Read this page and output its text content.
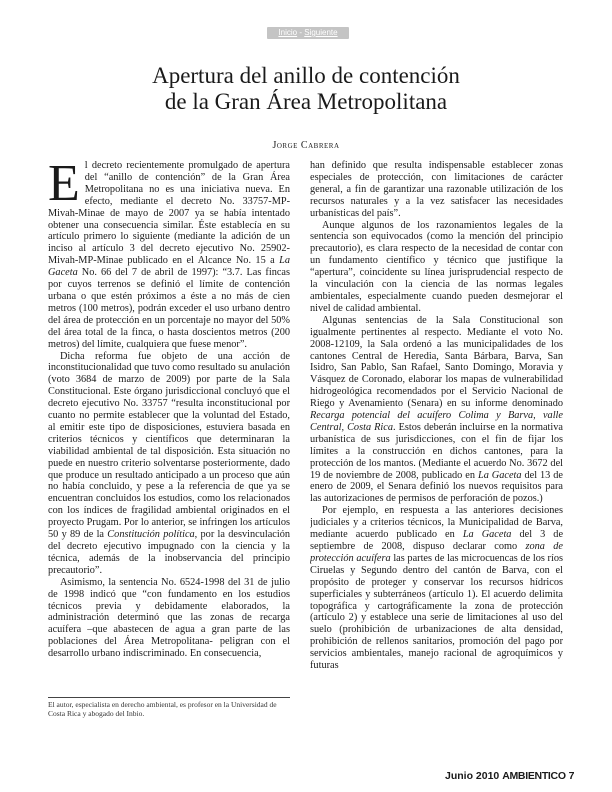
Inicio - Siguiente
Apertura del anillo de contención
de la Gran Área Metropolitana
Jorge Cabrera

El decreto recientemente promulgado de apertura del “anillo de contención” de la Gran Área Metropolitana no es una iniciativa nueva. En efecto, mediante el decreto No. 33757-MP-Mivah-Minae de mayo de 2007 ya se había intentado obtener una consecuencia similar. Éste establecía en su artículo primero lo siguiente (mediante la adición de un inciso al artículo 3 del decreto ejecutivo No. 25902-Mivah-MP-Minae publicado en el Alcance No. 15 a La Gaceta No. 66 del 7 de abril de 1997): “3.7. Las fincas por cuyos terrenos se definió el límite de contención urbana o que estén próximos a éste a no más de cien metros (100 metros), podrán exceder el uso urbano dentro del área de protección en un porcentaje no mayor del 50% del área total de la finca, o hasta doscientos metros (200 metros) del límite, cualquiera que fuese menor”.

Dicha reforma fue objeto de una acción de inconstitucionalidad que tuvo como resultado su anulación (voto 3684 de marzo de 2009) por parte de la Sala Constitucional. Este órgano jurisdiccional concluyó que el decreto ejecutivo No. 33757 “resulta inconstitucional por cuanto no permite establecer que la voluntad del Estado, al emitir este tipo de disposiciones, estuviera basada en criterios técnicos y científicos que determinaran la viabilidad ambiental de tal disposición. Esta situación no puede en nuestro criterio solventarse posteriormente, dado que produce un resultado anticipado a un proceso que aún no había concluido, y pese a la referencia de que ya se encuentran concluidos los estudios, como los relacionados con los índices de fragilidad ambiental originados en el proyecto Prugam. Por lo anterior, se infringen los artículos 50 y 89 de la Constitución política, por la desvinculación del decreto ejecutivo impugnado con la ciencia y la técnica, además de la inobservancia del principio precautorio”.

Asimismo, la sentencia No. 6524-1998 del 31 de julio de 1998 indicó que “con fundamento en los estudios técnicos previa y debidamente elaborados, la administración determinó que las zonas de recarga acuífera –que abastecen de agua a gran parte de las poblaciones del Área Metropolitana- peligran con el desarrollo urbano indiscriminado. En consecuencia,

han definido que resulta indispensable establecer zonas especiales de protección, con limitaciones de carácter general, a fin de garantizar una razonable utilización de los recursos naturales y a la vez satisfacer las necesidades urbanísticas del país”.

Aunque algunos de los razonamientos legales de la sentencia son equivocados (como la mención del principio precautorio), es clara respecto de la necesidad de contar con un fundamento científico y técnico que justifique la “apertura”, coincidente su línea jurisprudencial respecto de la vinculación con la ciencia de las normas legales ambientales, especialmente cuando pueden desmejorar el nivel de calidad ambiental.

Algunas sentencias de la Sala Constitucional son igualmente pertinentes al respecto. Mediante el voto No. 2008-12109, la Sala ordenó a las municipalidades de los cantones Central de Heredia, Santa Bárbara, Barva, San Isidro, San Pablo, San Rafael, Santo Domingo, Moravia y Vásquez de Coronado, elaborar los mapas de vulnerabilidad hidrogeológica recomendados por el Servicio Nacional de Riego y Avenamiento (Senara) en su informe denominado Recarga potencial del acuífero Colima y Barva, valle Central, Costa Rica. Estos deberán incluirse en la normativa urbanística de sus jurisdicciones, con el fin de fijar los límites a la construcción en dichos cantones, para la protección de los mantos. (Mediante el acuerdo No. 3672 del 19 de noviembre de 2008, publicado en La Gaceta del 13 de enero de 2009, el Senara definió los nuevos requisitos para las autorizaciones de permisos de perforación de pozos.)

Por ejemplo, en respuesta a las anteriores decisiones judiciales y a criterios técnicos, la Municipalidad de Barva, mediante acuerdo publicado en La Gaceta del 3 de septiembre de 2008, dispuso declarar como zona de protección acuífera las partes de las microcuencas de los ríos Ciruelas y Segundo dentro del cantón de Barva, con el propósito de proteger y conservar los recursos hídricos superficiales y subterráneos (artículo 1). El acuerdo delimita topográfica y cartográficamente la zona de protección (artículo 2) y establece una serie de limitaciones al uso del suelo (prohibición de urbanizaciones de alta densidad, prohibición de rellenos sanitarios, promoción del pago por servicios ambientales, manejo racional de agroquímicos y futuras

El autor, especialista en derecho ambiental, es profesor en la Universidad de Costa Rica y abogado del Inbio.
Junio 2010 AMBIENTICO 7
